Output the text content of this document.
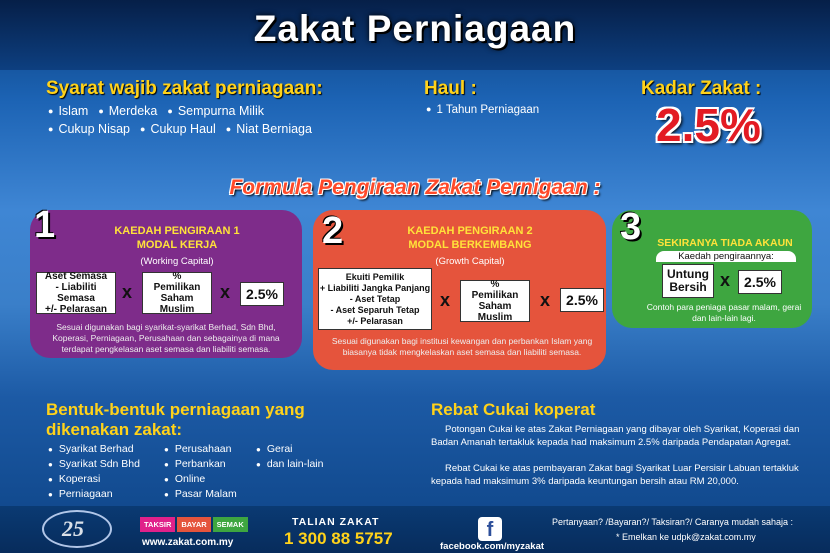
Zakat Perniagaan
Syarat wajib zakat perniagaan:
● Islam	● Merdeka	● Sempurna Milik
● Cukup Nisap	● Cukup Haul	● Niat Berniaga
Haul :
● 1 Tahun Perniagaan
Kadar Zakat :
2.5%
Formula Pengiraan Zakat Pernigaan :
1	KAEDAH PENGIRAAN 1
MODAL KERJA
(Working Capital)
Aset Semasa
- Liabiliti Semasa
+/- Pelarasan
x
%
Pemilikan
Saham Muslim
x	2.5%
Sesuai digunakan bagi syarikat-syarikat Berhad, Sdn Bhd, Koperasi, Perniagaan, Perusahaan dan sebagainya di mana terdapat pengkelasan aset semasa dan liabiliti semasa.
2	KAEDAH PENGIRAAN 2
MODAL BERKEMBANG
(Growth Capital)
Ekuiti Pemilik
+ Liabiliti Jangka Panjang
- Aset Tetap
- Aset Separuh Tetap
+/- Pelarasan
x
%
Pemilikan
Saham Muslim
x	2.5%
Sesuai digunakan bagi institusi kewangan dan perbankan Islam yang biasanya tidak mengkelaskan aset semasa dan liabiliti semasa.
3	SEKIRANYA TIADA AKAUN
Kaedah pengiraannya:
Untung
Bersih x	2.5%
Contoh para peniaga pasar malam, gerai dan lain-lain lagi.
Bentuk-bentuk perniagaan yang
dikenakan zakat:
● Syarikat Berhad
● Syarikat Sdn Bhd
● Koperasi
● Perniagaan
● Perusahaan
● Perbankan
● Online
● Pasar Malam
● Gerai
● dan lain-lain
Rebat Cukai koperat
Potongan Cukai ke atas Zakat Perniagaan yang dibayar oleh Syarikat, Koperasi dan Badan Amanah tertakluk kepada had maksimum 2.5% daripada Pendapatan Agregat.
Rebat Cukai ke atas pembayaran Zakat bagi Syarikat Luar Persisir Labuan tertakluk kepada had maksimum 3% daripada keuntungan bersih atau RM 20,000.
25	TAKSIR	BAYAR	SEMAK
www.zakat.com.my
TALIAN ZAKAT
1 300 88 5757	f
facebook.com/myzakat
Pertanyaan? /Bayaran?/ Taksiran?/ Caranya mudah sahaja :
* Emelkan ke udpk@zakat.com.my
